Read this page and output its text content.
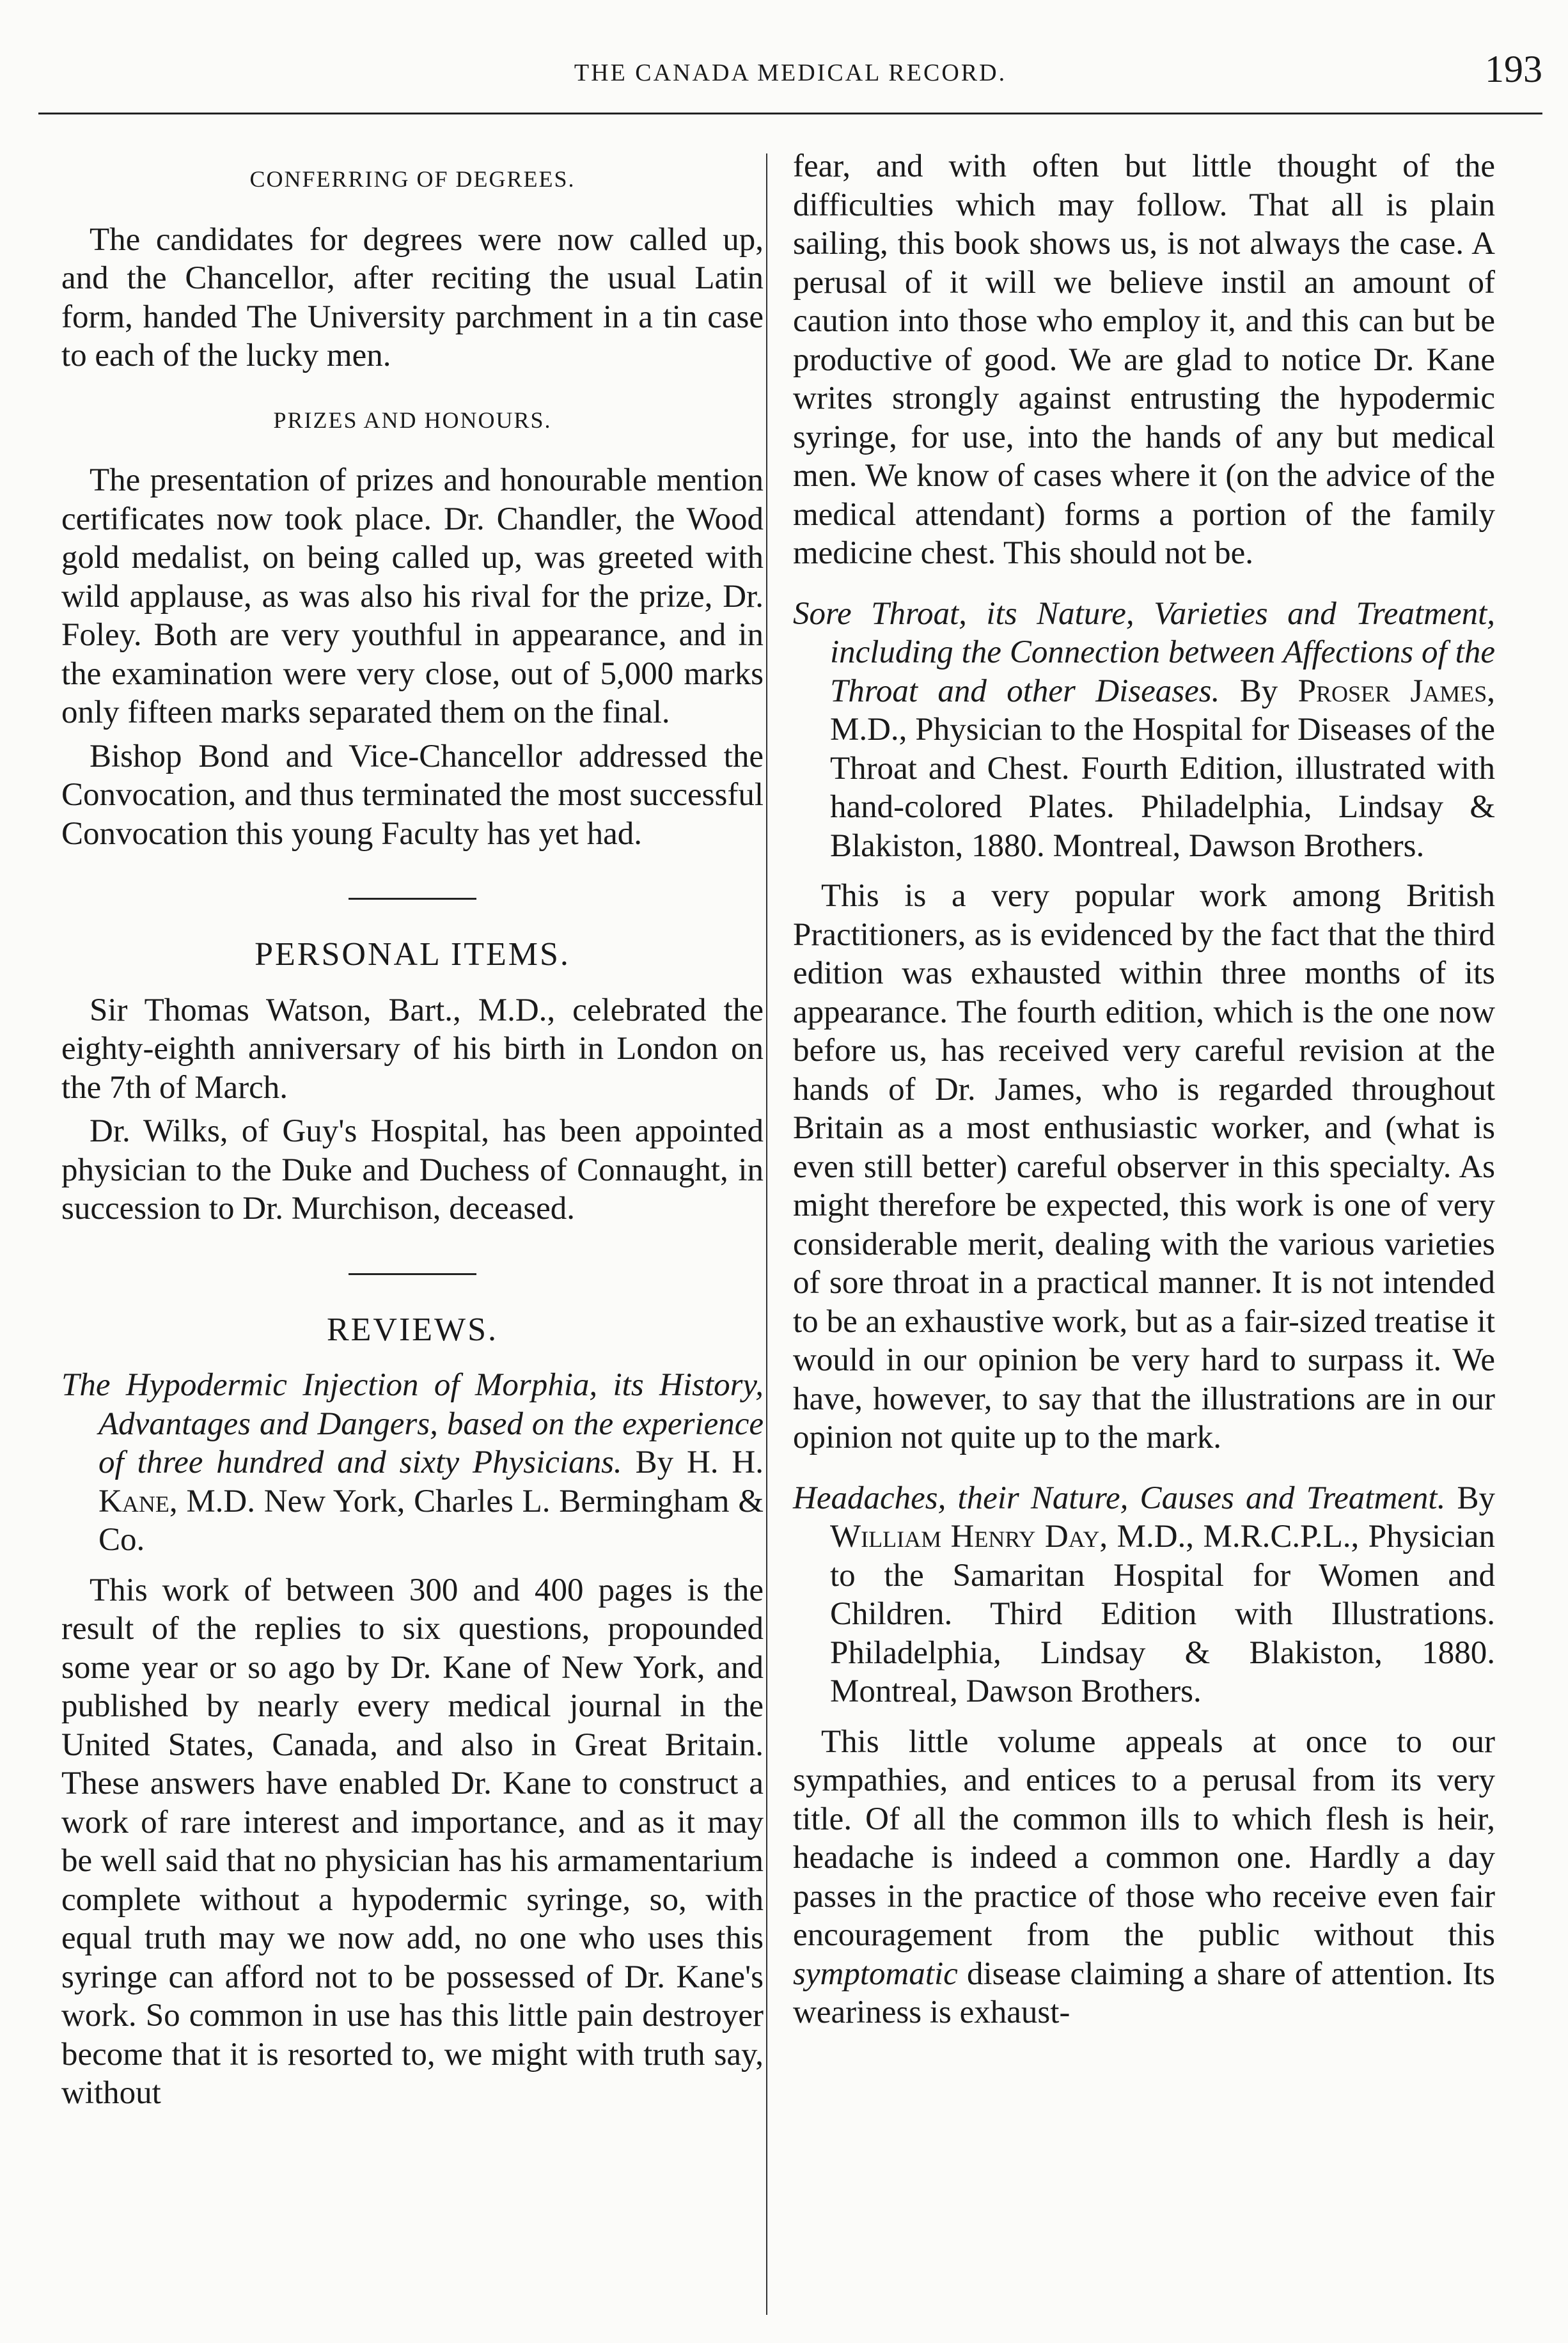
THE CANADA MEDICAL RECORD.	193
CONFERRING OF DEGREES.

The candidates for degrees were now called up, and the Chancellor, after reciting the usual Latin form, handed The University parchment in a tin case to each of the lucky men.

PRIZES AND HONOURS.

The presentation of prizes and honourable mention certificates now took place. Dr. Chandler, the Wood gold medalist, on being called up, was greeted with wild applause, as was also his rival for the prize, Dr. Foley. Both are very youthful in appearance, and in the examination were very close, out of 5,000 marks only fifteen marks separated them on the final.

Bishop Bond and Vice-Chancellor addressed the Convocation, and thus terminated the most successful Convocation this young Faculty has yet had.

PERSONAL ITEMS.

Sir Thomas Watson, Bart., M.D., celebrated the eighty-eighth anniversary of his birth in London on the 7th of March.

Dr. Wilks, of Guy's Hospital, has been appointed physician to the Duke and Duchess of Connaught, in succession to Dr. Murchison, deceased.

REVIEWS.
The Hypodermic Injection of Morphia, its History, Advantages and Dangers, based on the experience of three hundred and sixty Physicians. By H. H. Kane, M.D. New York, Charles L. Bermingham & Co.

This work of between 300 and 400 pages is the result of the replies to six questions, propounded some year or so ago by Dr. Kane of New York, and published by nearly every medical journal in the United States, Canada, and also in Great Britain. These answers have enabled Dr. Kane to construct a work of rare interest and importance, and as it may be well said that no physician has his armamentarium complete without a hypodermic syringe, so, with equal truth may we now add, no one who uses this syringe can afford not to be possessed of Dr. Kane's work. So common in use has this little pain destroyer become that it is resorted to, we might with truth say, without

fear, and with often but little thought of the difficulties which may follow. That all is plain sailing, this book shows us, is not always the case. A perusal of it will we believe instil an amount of caution into those who employ it, and this can but be productive of good. We are glad to notice Dr. Kane writes strongly against entrusting the hypodermic syringe, for use, into the hands of any but medical men. We know of cases where it (on the advice of the medical attendant) forms a portion of the family medicine chest. This should not be.

Sore Throat, its Nature, Varieties and Treatment, including the Connection between Affections of the Throat and other Diseases. By Proser James, M.D., Physician to the Hospital for Diseases of the Throat and Chest. Fourth Edition, illustrated with hand-colored Plates. Philadelphia, Lindsay & Blakiston, 1880. Montreal, Dawson Brothers.

This is a very popular work among British Practitioners, as is evidenced by the fact that the third edition was exhausted within three months of its appearance. The fourth edition, which is the one now before us, has received very careful revision at the hands of Dr. James, who is regarded throughout Britain as a most enthusiastic worker, and (what is even still better) careful observer in this specialty. As might therefore be expected, this work is one of very considerable merit, dealing with the various varieties of sore throat in a practical manner. It is not intended to be an exhaustive work, but as a fair-sized treatise it would in our opinion be very hard to surpass it. We have, however, to say that the illustrations are in our opinion not quite up to the mark.

Headaches, their Nature, Causes and Treatment. By William Henry Day, M.D., M.R.C.P.L., Physician to the Samaritan Hospital for Women and Children. Third Edition with Illustrations. Philadelphia, Lindsay & Blakiston, 1880. Montreal, Dawson Brothers.

This little volume appeals at once to our sympathies, and entices to a perusal from its very title. Of all the common ills to which flesh is heir, headache is indeed a common one. Hardly a day passes in the practice of those who receive even fair encouragement from the public without this symptomatic disease claiming a share of attention. Its weariness is exhaust-
